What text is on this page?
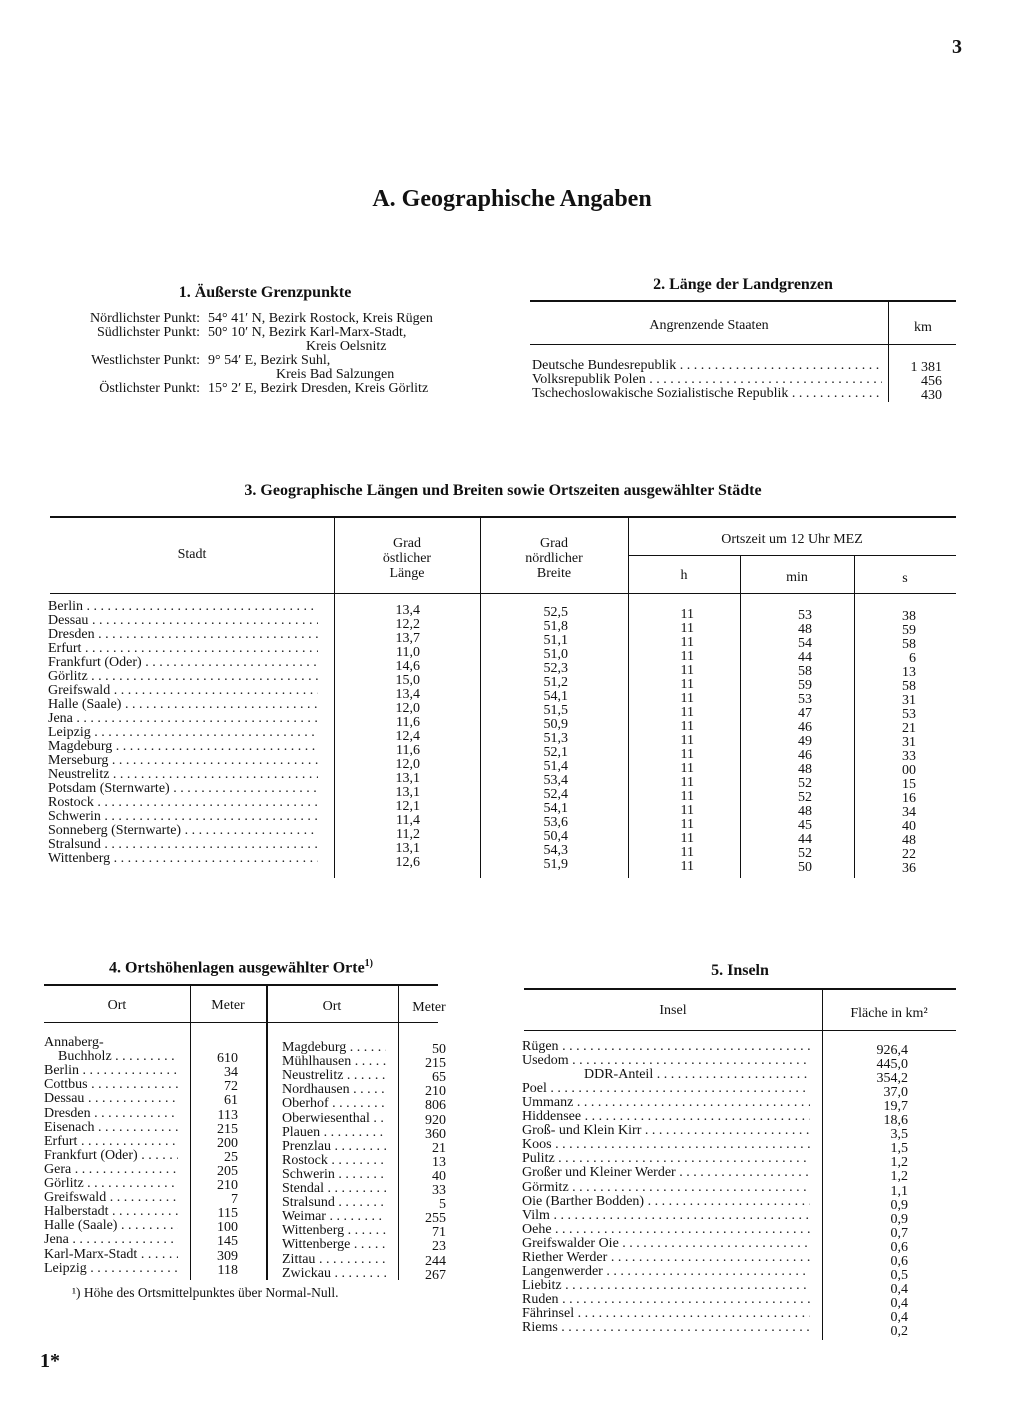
3
A. Geographische Angaben
1. Äußerste Grenzpunkte
Nördlichster Punkt: 54° 41′ N, Bezirk Rostock, Kreis Rügen
Südlichster Punkt: 50° 10′ N, Bezirk Karl-Marx-Stadt,
Kreis Oelsnitz
Westlichster Punkt: 9° 54′ E, Bezirk Suhl,
Kreis Bad Salzungen
Östlichster Punkt: 15° 2′ E, Bezirk Dresden, Kreis Görlitz
2. Länge der Landgrenzen
Angrenzende Staaten	km
Deutsche Bundesrepublik . . .	1 381
Volksrepublik Polen . . .	456
Tschechoslowakische Sozialistische Republik . . .	430
3. Geographische Längen und Breiten sowie Ortszeiten ausgewählter Städte
Stadt
Grad
östlicher
Länge
Grad
nördlicher
Breite
Ortszeit um 12 Uhr MEZ
h	min	s
Berlin . . .	13,4	52,5	11	53	38
Dessau . . .	12,2	51,8	11	48	59
Dresden . . .	13,7	51,1	11	54	58
Erfurt . . .	11,0	51,0	11	44	6
Frankfurt (Oder) . . .	14,6	52,3	11	58	13
Görlitz . . .	15,0	51,2	11	59	58
Greifswald . . .	13,4	54,1	11	53	31
Halle (Saale) . . .	12,0	51,5	11	47	53
Jena . . .	11,6	50,9	11	46	21
Leipzig . . .	12,4	51,3	11	49	31
Magdeburg . . .	11,6	52,1	11	46	33
Merseburg . . .	12,0	51,4	11	48	00
Neustrelitz . . .	13,1	53,4	11	52	15
Potsdam (Sternwarte) . . .	13,1	52,4	11	52	16
Rostock . . .	12,1	54,1	11	48	34
Schwerin . . .	11,4	53,6	11	45	40
Sonneberg (Sternwarte) . . .	11,2	50,4	11	44	48
Stralsund . . .	13,1	54,3	11	52	22
Wittenberg . . .	12,6	51,9	11	50	36
4. Ortshöhenlagen ausgewählter Orte$^{1)}$
Ort	Meter	Ort	Meter
Annaberg-
Buchholz . . .	610
Berlin . . .	34
Cottbus . . .	72
Dessau . . .	61
Dresden . . .	113
Eisenach . . .	215
Erfurt . . .	200
Frankfurt (Oder) . . .	25
Gera . . .	205
Görlitz . . .	210
Greifswald . . .	7
Halberstadt . . .	115
Halle (Saale) . . .	100
Jena . . .	145
Karl-Marx-Stadt . . .	309
Leipzig . . .	118
Magdeburg . . .	50
Mühlhausen . . .	215
Neustrelitz . . .	65
Nordhausen . . .	210
Oberhof . . .	806
Oberwiesenthal . . .	920
Plauen . . .	360
Prenzlau . . .	21
Rostock . . .	13
Schwerin . . .	40
Stendal . . .	33
Stralsund . . .	5
Weimar . . .	255
Wittenberg . . .	71
Wittenberge . . .	23
Zittau . . .	244
Zwickau . . .	267
¹) Höhe des Ortsmittelpunktes über Normal-Null.
5. Inseln
Insel	Fläche in km²
Rügen . . .	926,4
Usedom . . .	445,0
DDR-Anteil . . .	354,2
Poel . . .	37,0
Ummanz . . .	19,7
Hiddensee . . .	18,6
Groß- und Klein Kirr . . .	3,5
Koos . . .	1,5
Pulitz . . .	1,2
Großer und Kleiner Werder . . .	1,2
Görmitz . . .	1,1
Oie (Barther Bodden) . . .	0,9
Vilm . . .	0,9
Oehe . . .	0,7
Greifswalder Oie . . .	0,6
Riether Werder . . .	0,6
Langenwerder . . .	0,5
Liebitz . . .	0,4
Ruden . . .	0,4
Fährinsel . . .	0,4
Riems . . .	0,2
1*
